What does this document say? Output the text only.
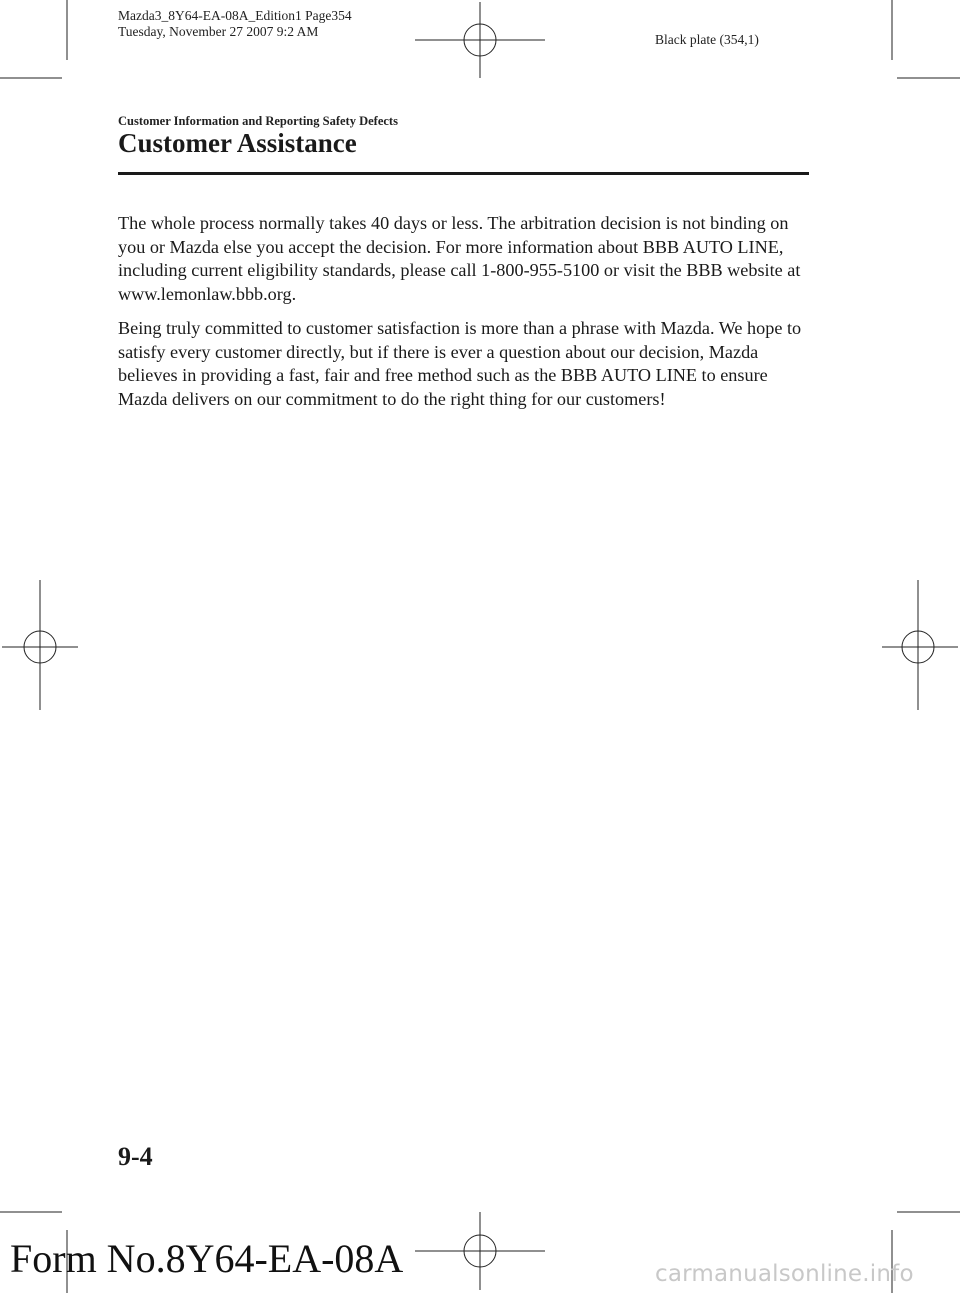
Mazda3_8Y64-EA-08A_Edition1 Page354
Tuesday, November 27 2007 9:2 AM
Black plate (354,1)
Customer Information and Reporting Safety Defects
Customer Assistance

The whole process normally takes 40 days or less. The arbitration decision is not binding on you or Mazda else you accept the decision. For more information about BBB AUTO LINE, including current eligibility standards, please call 1-800-955-5100 or visit the BBB website at www.lemonlaw.bbb.org.

Being truly committed to customer satisfaction is more than a phrase with Mazda. We hope to satisfy every customer directly, but if there is ever a question about our decision, Mazda believes in providing a fast, fair and free method such as the BBB AUTO LINE to ensure Mazda delivers on our commitment to do the right thing for our customers!

9-4
Form No.8Y64-EA-08A	carmanualsonline.info
